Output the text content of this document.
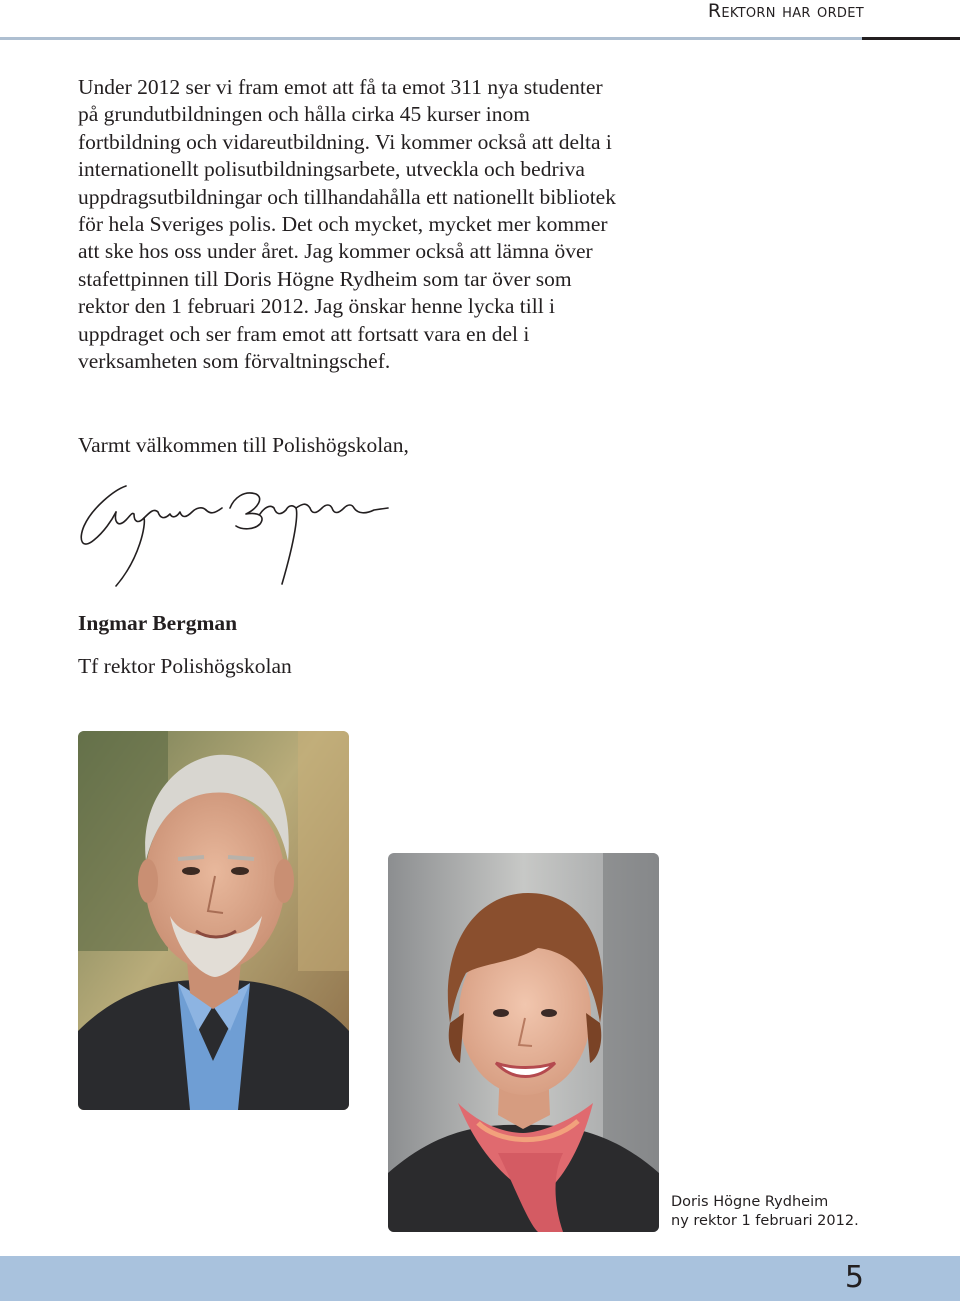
Rektorn har ordet

Under 2012 ser vi fram emot att få ta emot 311 nya studenter på grundutbildningen och hålla cirka 45 kurser inom fortbildning och vidareutbildning. Vi kommer också att delta i internationellt polisutbildningsarbete, utveckla och bedriva uppdragsutbildningar och tillhandahålla ett nationellt bibliotek för hela Sveriges polis. Det och mycket, mycket mer kommer att ske hos oss under året. Jag kommer också att lämna över stafettpinnen till Doris Högne Rydheim som tar över som rektor den 1 februari 2012. Jag önskar henne lycka till i uppdraget och ser fram emot att fortsatt vara en del i verksamheten som förvaltningschef.

Varmt välkommen till Polishögskolan,

Ingmar Bergman

Tf rektor Polishögskolan

Doris Högne Rydheim
ny rektor 1 februari 2012.
5
